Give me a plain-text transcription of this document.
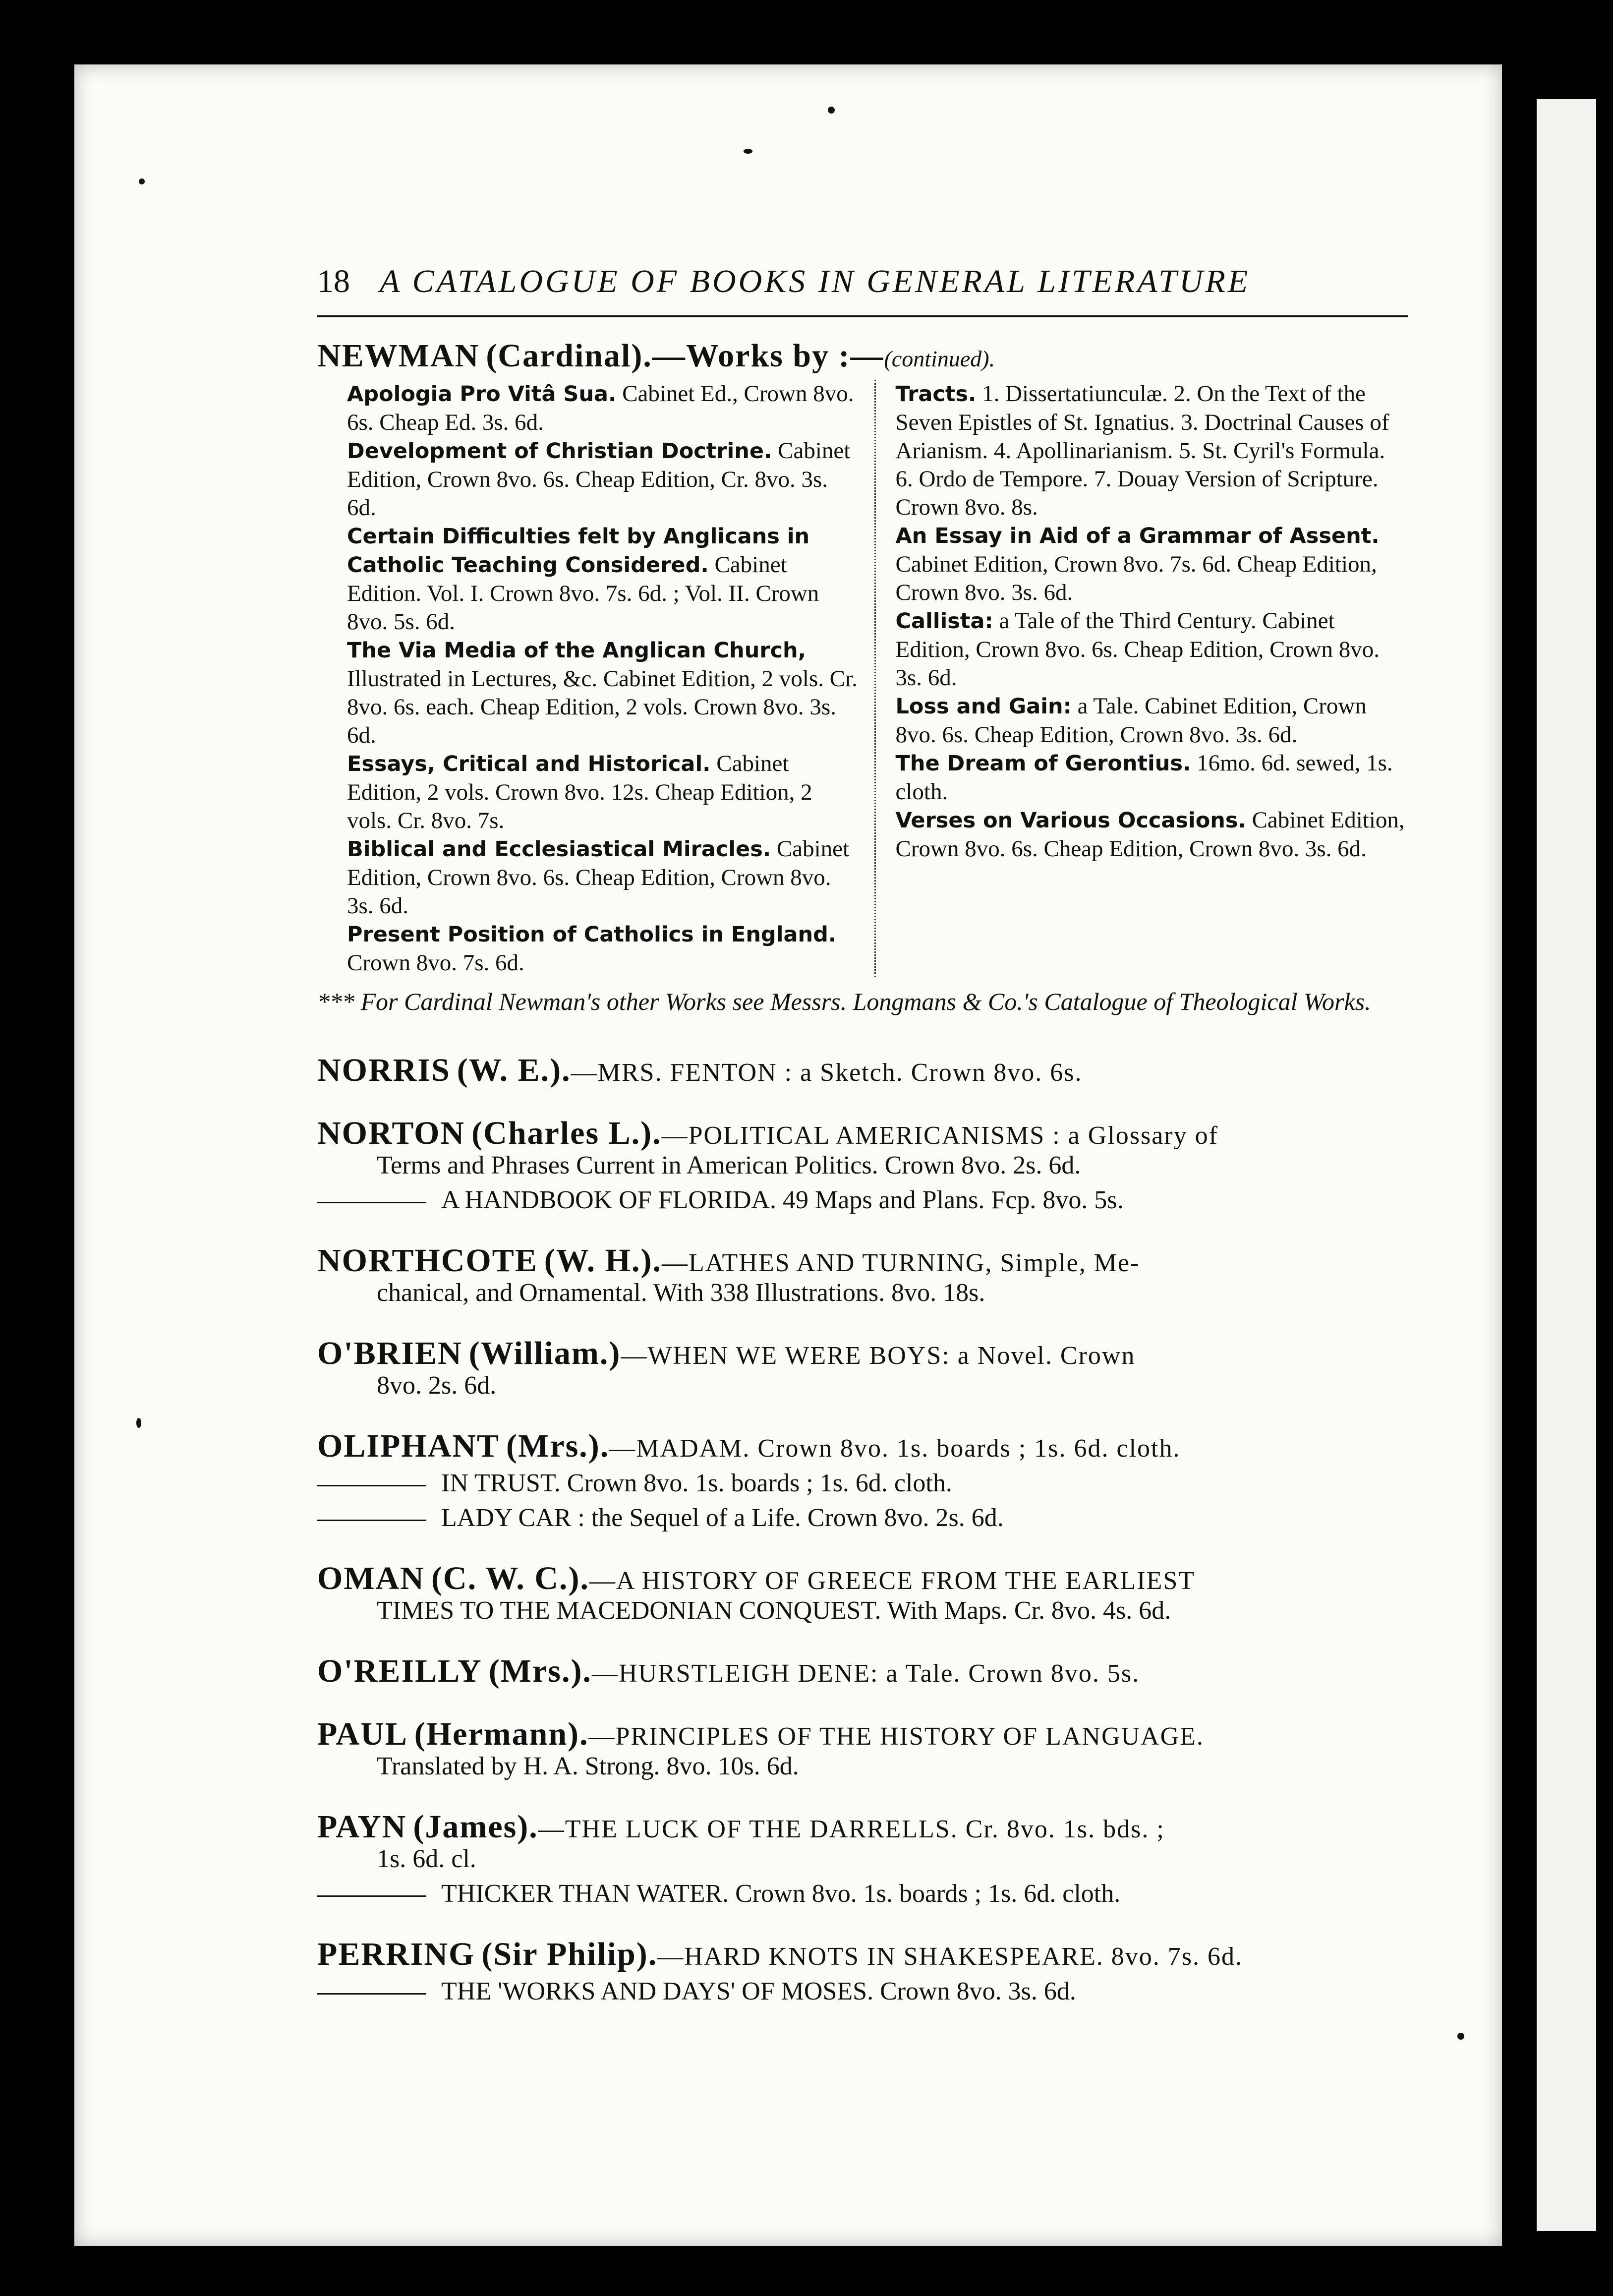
18 A CATALOGUE OF BOOKS IN GENERAL LITERATURE
NEWMAN (Cardinal).—Works by :—(continued).
Apologia Pro Vitâ Sua. Cabinet Ed., Crown 8vo. 6s. Cheap Ed. 3s. 6d.
Development of Christian Doctrine. Cabinet Edition, Crown 8vo. 6s. Cheap Edition, Cr. 8vo. 3s. 6d.
Certain Difficulties felt by Anglicans in Catholic Teaching Considered. Cabinet Edition. Vol. I. Crown 8vo. 7s. 6d. ; Vol. II. Crown 8vo. 5s. 6d.
The Via Media of the Anglican Church, Illustrated in Lectures, &c. Cabinet Edition, 2 vols. Cr. 8vo. 6s. each. Cheap Edition, 2 vols. Crown 8vo. 3s. 6d.
Essays, Critical and Historical. Cabinet Edition, 2 vols. Crown 8vo. 12s. Cheap Edition, 2 vols. Cr. 8vo. 7s.
Biblical and Ecclesiastical Miracles. Cabinet Edition, Crown 8vo. 6s. Cheap Edition, Crown 8vo. 3s. 6d.
Present Position of Catholics in England. Crown 8vo. 7s. 6d.
Tracts. 1. Dissertatiunculæ. 2. On the Text of the Seven Epistles of St. Ignatius. 3. Doctrinal Causes of Arianism. 4. Apollinarianism. 5. St. Cyril's Formula. 6. Ordo de Tempore. 7. Douay Version of Scripture. Crown 8vo. 8s.
An Essay in Aid of a Grammar of Assent. Cabinet Edition, Crown 8vo. 7s. 6d. Cheap Edition, Crown 8vo. 3s. 6d.
Callista: a Tale of the Third Century. Cabinet Edition, Crown 8vo. 6s. Cheap Edition, Crown 8vo. 3s. 6d.
Loss and Gain: a Tale. Cabinet Edition, Crown 8vo. 6s. Cheap Edition, Crown 8vo. 3s. 6d.
The Dream of Gerontius. 16mo. 6d. sewed, 1s. cloth.
Verses on Various Occasions. Cabinet Edition, Crown 8vo. 6s. Cheap Edition, Crown 8vo. 3s. 6d.
*** For Cardinal Newman's other Works see Messrs. Longmans & Co.'s Catalogue of Theological Works.
NORRIS (W. E.).—MRS. FENTON : a Sketch. Crown 8vo. 6s.
NORTON (Charles L.).—POLITICAL AMERICANISMS : a Glossary of
Terms and Phrases Current in American Politics. Crown 8vo. 2s. 6d.
A HANDBOOK OF FLORIDA. 49 Maps and Plans. Fcp. 8vo. 5s.
NORTHCOTE (W. H.).—LATHES AND TURNING, Simple, Me-
chanical, and Ornamental. With 338 Illustrations. 8vo. 18s.
O'BRIEN (William.)—WHEN WE WERE BOYS: a Novel. Crown
8vo. 2s. 6d.
OLIPHANT (Mrs.).—MADAM. Crown 8vo. 1s. boards ; 1s. 6d. cloth.
IN TRUST. Crown 8vo. 1s. boards ; 1s. 6d. cloth.
LADY CAR : the Sequel of a Life. Crown 8vo. 2s. 6d.
OMAN (C. W. C.).—A HISTORY OF GREECE FROM THE EARLIEST
TIMES TO THE MACEDONIAN CONQUEST. With Maps. Cr. 8vo. 4s. 6d.
O'REILLY (Mrs.).—HURSTLEIGH DENE: a Tale. Crown 8vo. 5s.
PAUL (Hermann).—PRINCIPLES OF THE HISTORY OF LANGUAGE.
Translated by H. A. Strong. 8vo. 10s. 6d.
PAYN (James).—THE LUCK OF THE DARRELLS. Cr. 8vo. 1s. bds. ;
1s. 6d. cl.
THICKER THAN WATER. Crown 8vo. 1s. boards ; 1s. 6d. cloth.
PERRING (Sir Philip).—HARD KNOTS IN SHAKESPEARE. 8vo. 7s. 6d.
THE 'WORKS AND DAYS' OF MOSES. Crown 8vo. 3s. 6d.
